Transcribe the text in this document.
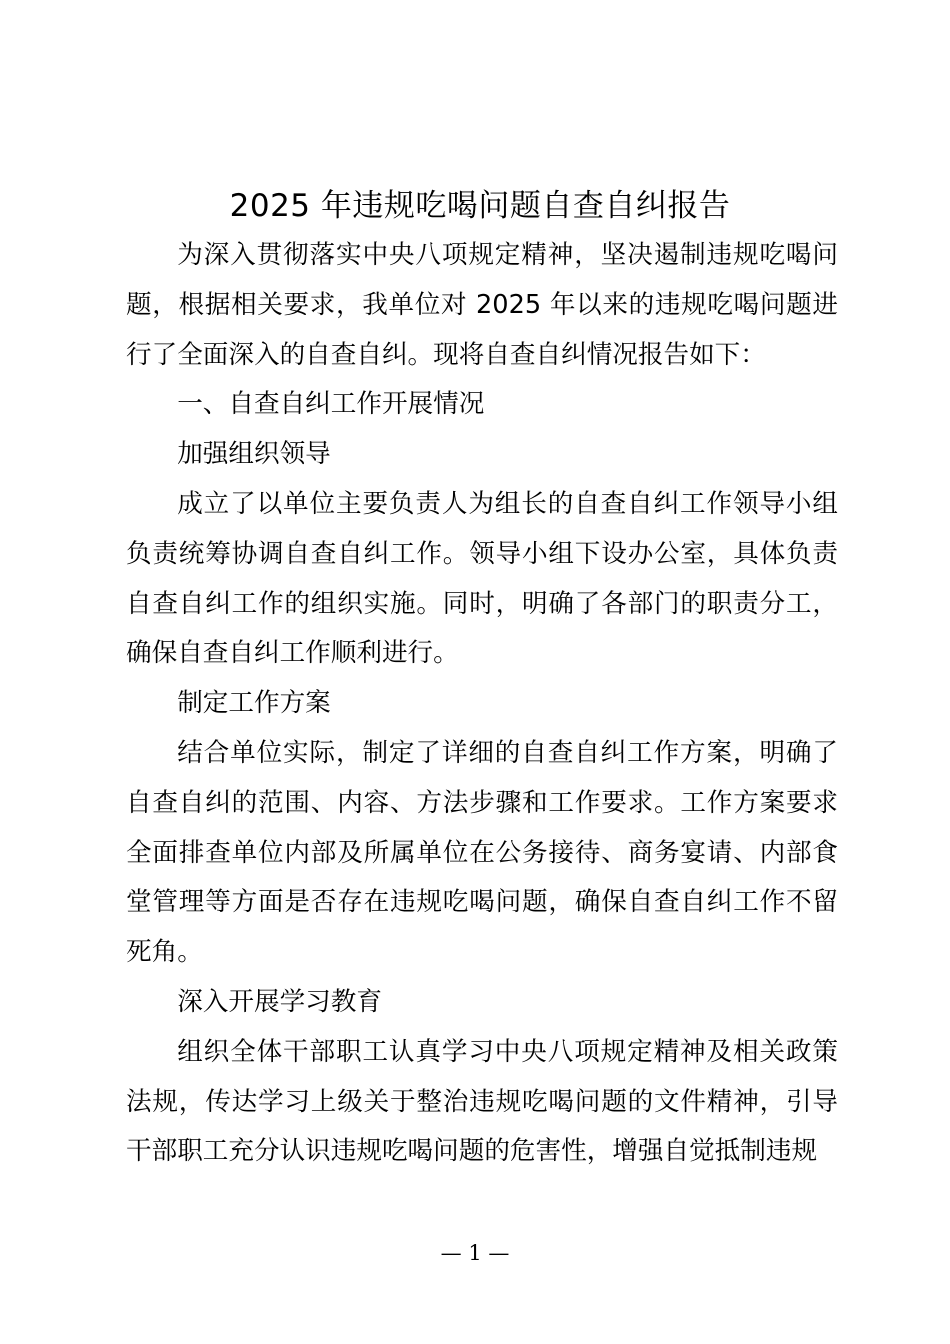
2025 年违规吃喝问题自查自纠报告

为深入贯彻落实中央八项规定精神，坚决遏制违规吃喝问题，根据相关要求，我单位对 2025 年以来的违规吃喝问题进行了全面深入的自查自纠。现将自查自纠情况报告如下：

一、自查自纠工作开展情况

加强组织领导

成立了以单位主要负责人为组长的自查自纠工作领导小组负责统筹协调自查自纠工作。领导小组下设办公室，具体负责自查自纠工作的组织实施。同时，明确了各部门的职责分工，确保自查自纠工作顺利进行。

制定工作方案

结合单位实际，制定了详细的自查自纠工作方案，明确了自查自纠的范围、内容、方法步骤和工作要求。工作方案要求全面排查单位内部及所属单位在公务接待、商务宴请、内部食堂管理等方面是否存在违规吃喝问题，确保自查自纠工作不留死角。

深入开展学习教育

组织全体干部职工认真学习中央八项规定精神及相关政策法规，传达学习上级关于整治违规吃喝问题的文件精神，引导干部职工充分认识违规吃喝问题的危害性，增强自觉抵制违规

— 1 —
